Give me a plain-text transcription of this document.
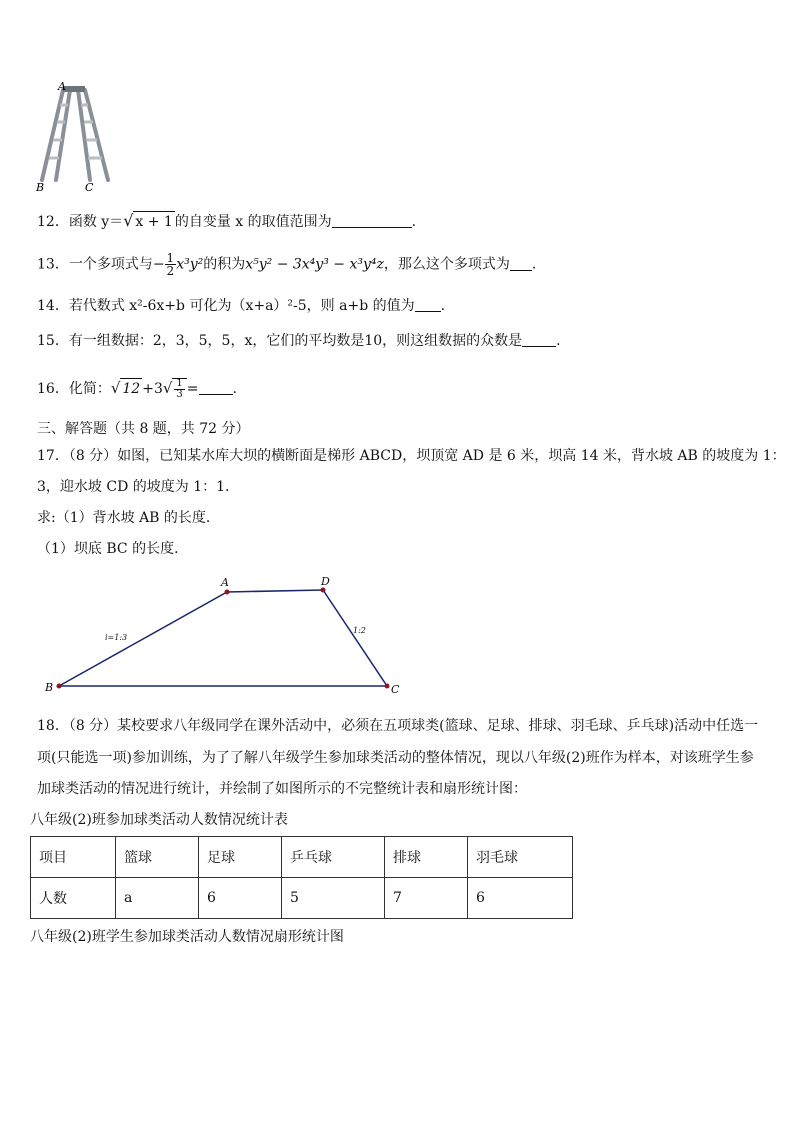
A
B	C
12．函数 y＝√ x + 1 的自变量 x 的取值范围为	.
13．一个多项式与− $\frac{1}{2} x^3y^2$的积为x⁵y² − 3x⁴y³ − x³y⁴z，那么这个多项式为 .
14．若代数式 x²-6x+b 可化为（x+a）²-5，则 a+b 的值为 .
15．有一组数据：2，3，5，5，x，它们的平均数是10，则这组数据的众数是 .
16．化简：√ $12 +3√ \frac{1}{3}$ = .
三、解答题（共 8 题，共 72 分）
17．（8 分）如图，已知某水库大坝的横断面是梯形 ABCD，坝顶宽 AD 是 6 米，坝高 14 米，背水坡 AB 的坡度为 1：
3，迎水坡 CD 的坡度为 1：1．
求:（1）背水坡 AB 的长度．
（1）坝底 BC 的长度．
A	D
B	C
i=1:3
1:2
18．（8 分）某校要求八年级同学在课外活动中，必须在五项球类(篮球、足球、排球、羽毛球、乒乓球)活动中任选一
项(只能选一项)参加训练，为了了解八年级学生参加球类活动的整体情况，现以八年级(2)班作为样本，对该班学生参
加球类活动的情况进行统计，并绘制了如图所示的不完整统计表和扇形统计图：
八年级(2)班参加球类活动人数情况统计表
项目	篮球	足球	乒乓球	排球	羽毛球
人数	a	6	5	7	6
八年级(2)班学生参加球类活动人数情况扇形统计图
